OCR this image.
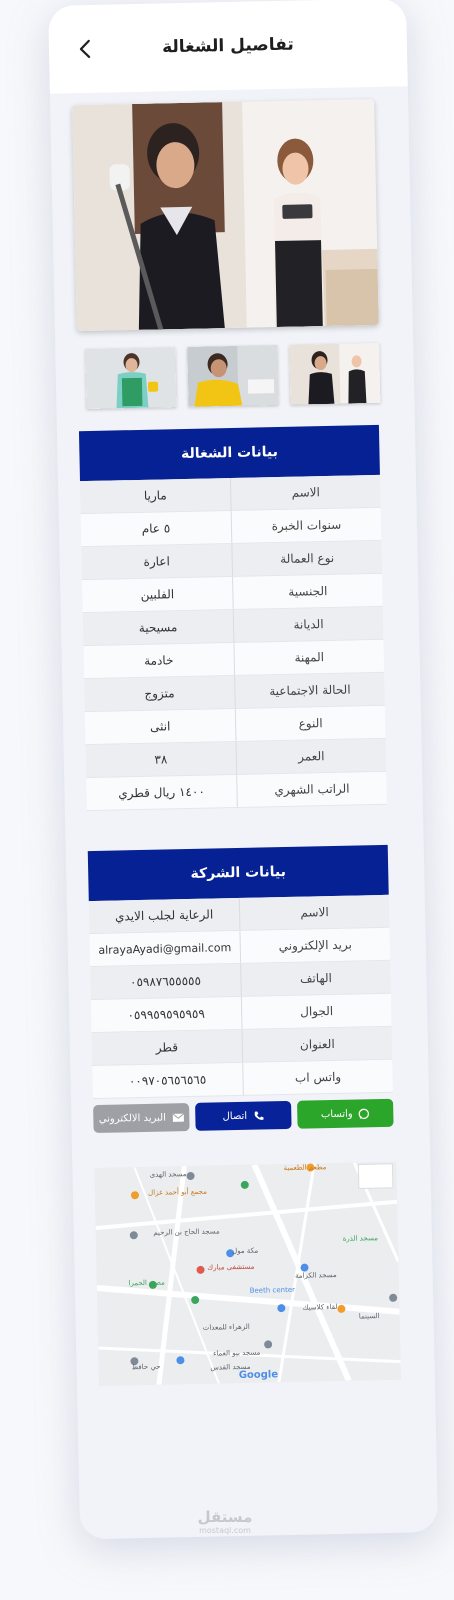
تفاصيل الشغالة
بيانات الشغالة
الاسم
ماريا
سنوات الخبرة
٥ عام
نوع العمالة
اعارة
الجنسية
الفلبين
الديانة
مسيحية
المهنة
خادمة
الحالة الاجتماعية
متزوج
النوع
انثى
العمر
٣٨
الراتب الشهري
١٤٠٠ ريال قطري
بيانات الشركة
الاسم
الرعاية لجلب الايدي
بريد الإلكتروني
alrayaAyadi@gmail.com
الهاتف
٠٥٩٨٧٦٥٥٥٥٥
الجوال
٠٥٩٩٥٩٥٩٥٩٥٩
العنوان
قطر
واتس اب
٠٠٩٧٠٥٦٥٦٥٦٥
واتساب
اتصال
البريد الالكتروني
مسجد الهدى
مطعم الطعمية
مجمع أبو أحمد غزال
مسجد الحاج بن الرحيم
مسجد الذرة
مكة مول
مستشفى مبارك
مصنع الحمرا
لقاء كلاسيك
مسجد الكرامة
Beeth center
الزهراء للمعدات
مسجد بيو العماء
السينما
مسجد القدس
حي حافظ
Google
مستقل
mostaql.com
